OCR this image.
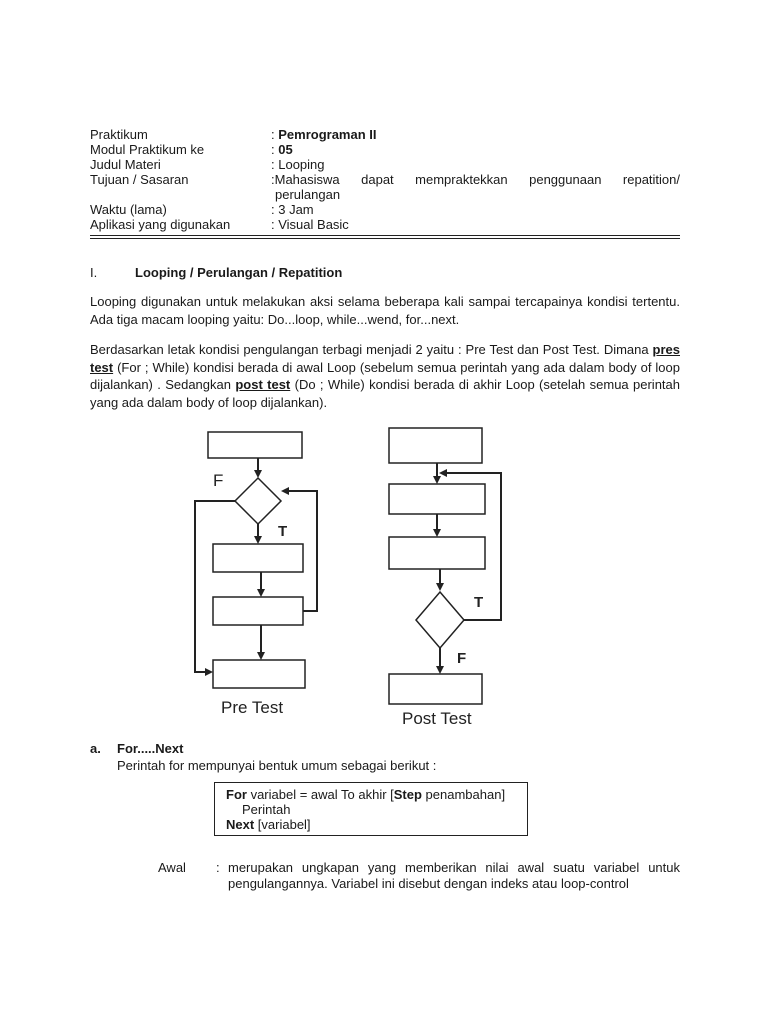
Praktikum	: Pemrograman II
Modul Praktikum ke	: 05
Judul Materi	: Looping
Tujuan / Sasaran	:Mahasiswa dapat mempraktekkan penggunaan repatition/
perulangan
Waktu (lama)	: 3 Jam
Aplikasi yang digunakan	: Visual Basic
I.	Looping / Perulangan / Repatition
Looping digunakan untuk melakukan aksi selama beberapa kali sampai tercapainya kondisi tertentu. Ada tiga macam looping yaitu: Do...loop, while...wend, for...next.
Berdasarkan letak kondisi pengulangan terbagi menjadi 2 yaitu : Pre Test dan Post Test. Dimana pres test (For ; While) kondisi berada di awal Loop (sebelum semua perintah yang ada dalam body of loop dijalankan) . Sedangkan post test (Do ; While) kondisi berada di akhir Loop (setelah semua perintah yang ada dalam body of loop dijalankan).
F
T
Pre Test
T
F
Post Test
a. For.....Next
Perintah for mempunyai bentuk umum sebagai berikut :
For variabel = awal To akhir [Step penambahan]
Perintah
Next [variabel]
Awal	: merupakan ungkapan yang memberikan nilai awal suatu variabel untuk pengulangannya. Variabel ini disebut dengan indeks atau loop-control
